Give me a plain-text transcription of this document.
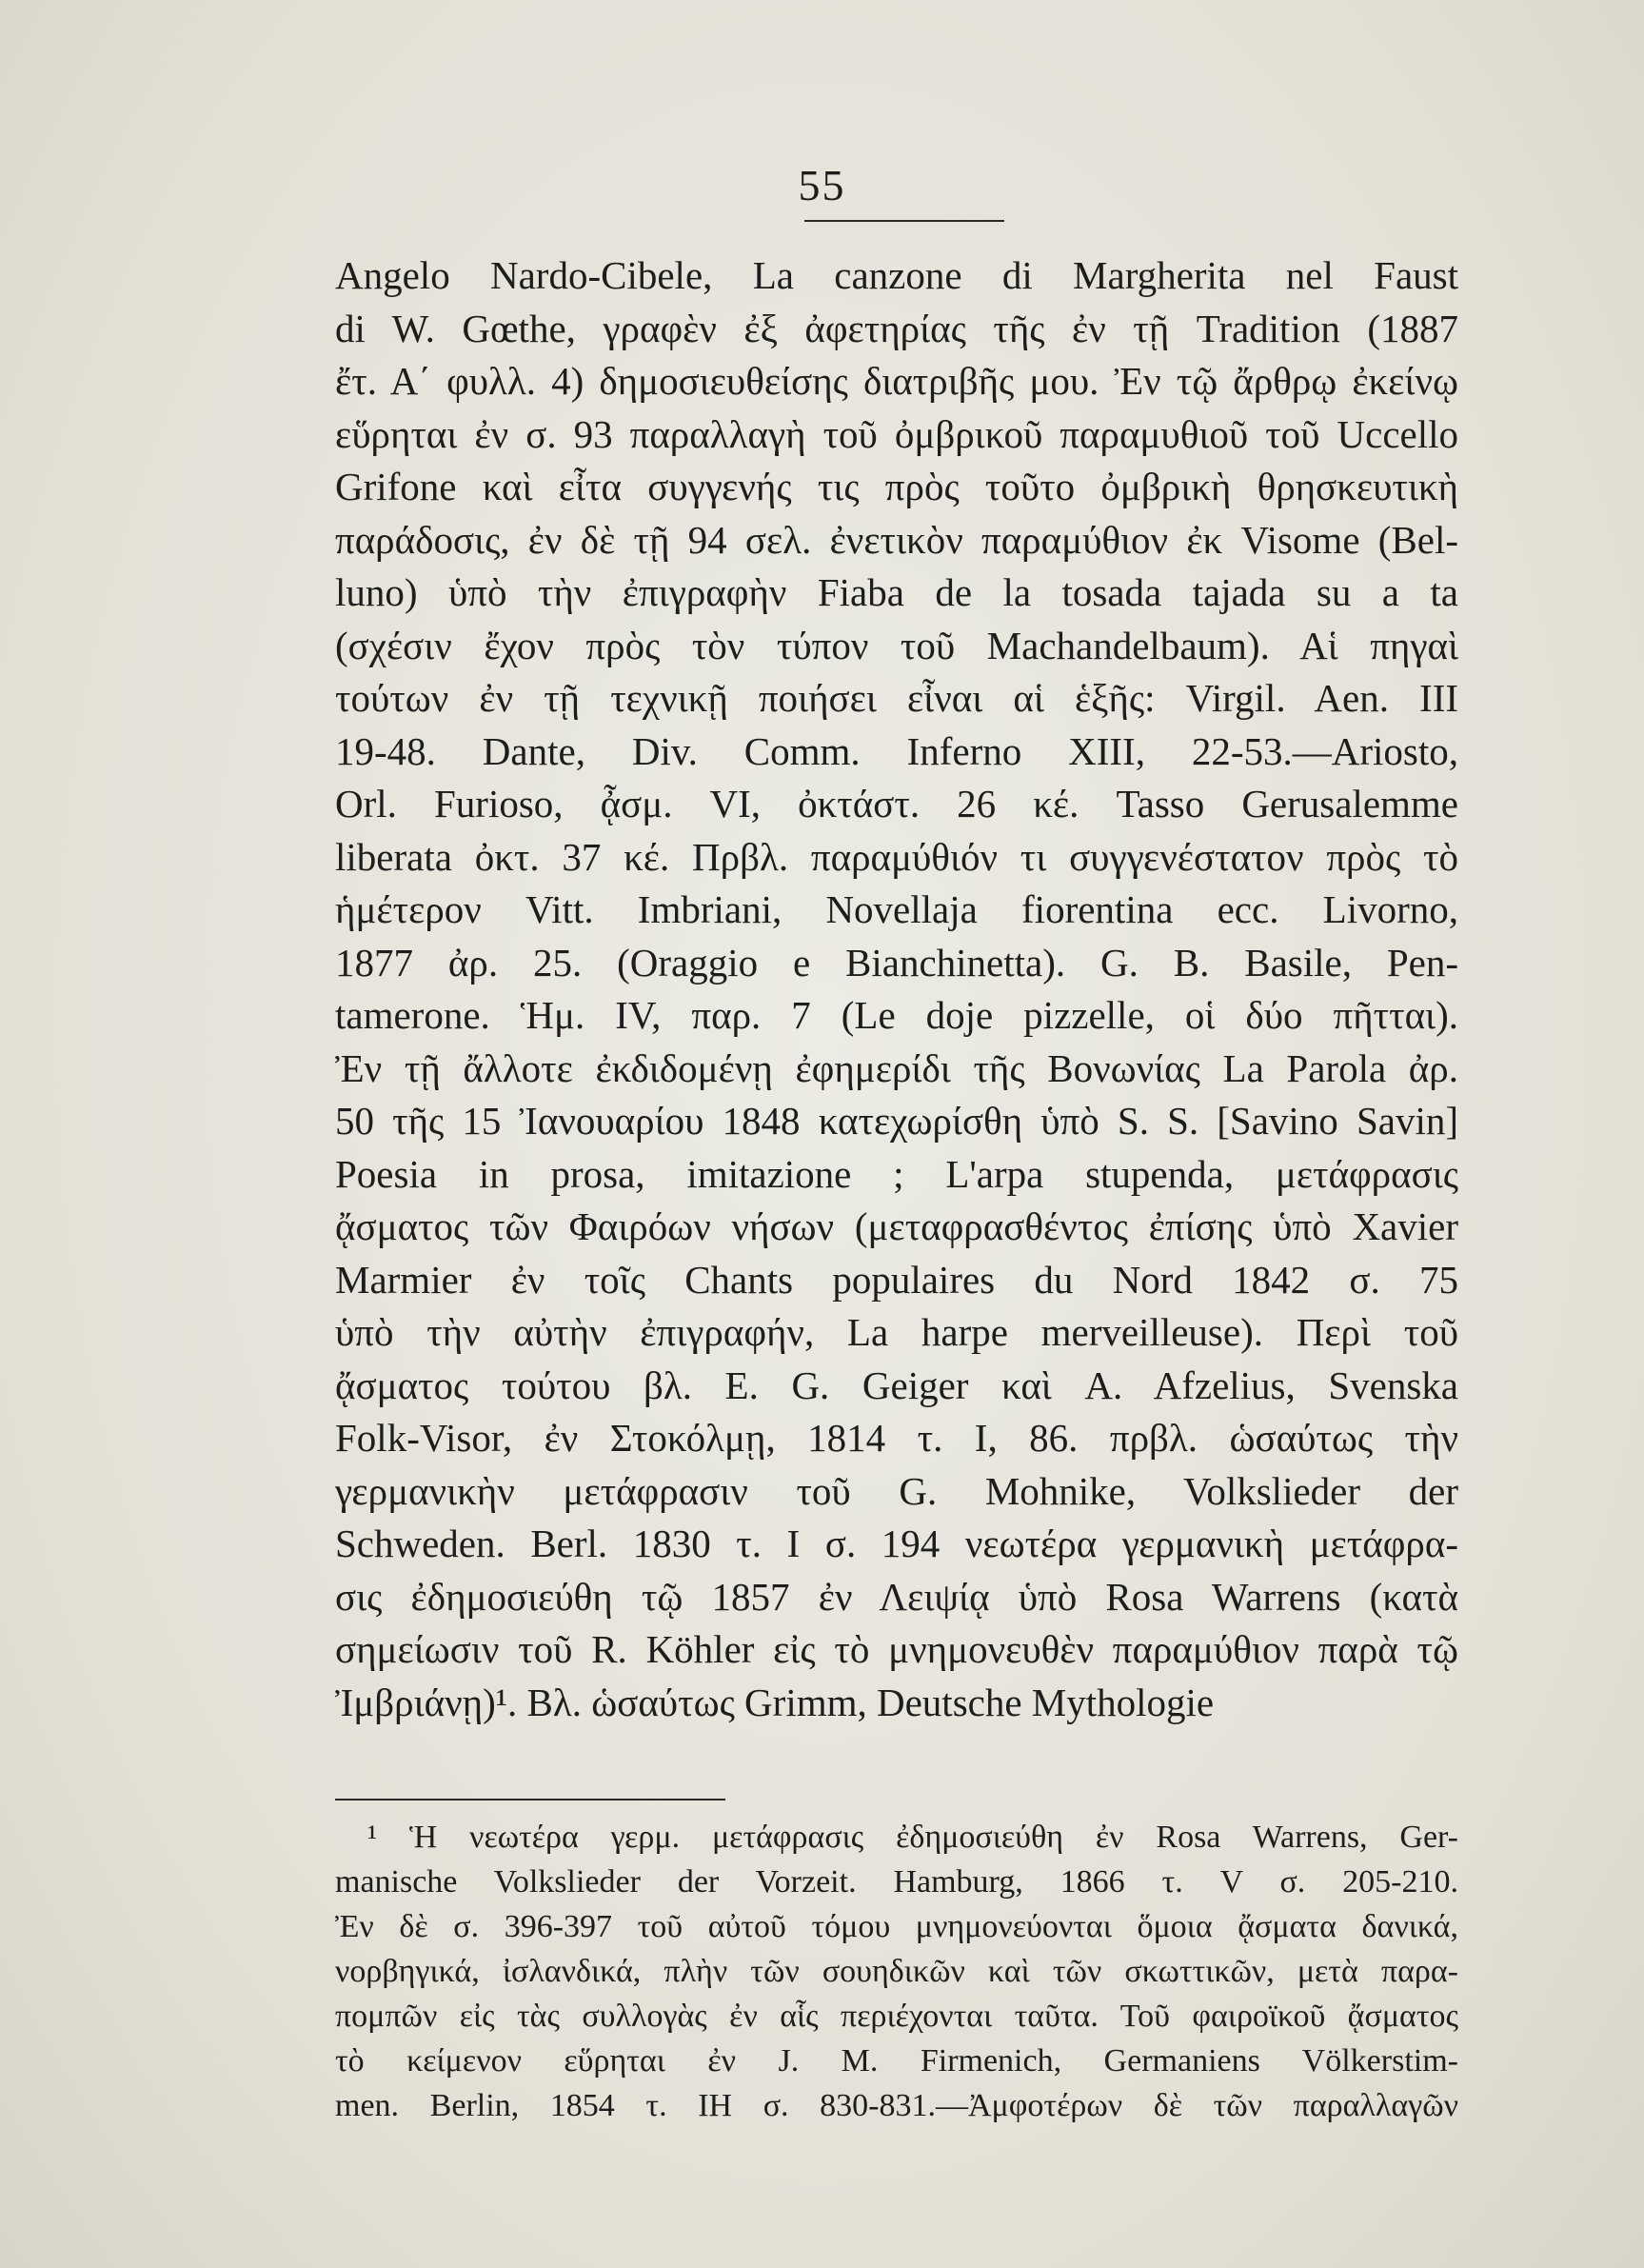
55
Angelo Nardo-Cibele, La canzone di Margherita nel Faust
di W. Gœthe, γραφὲν ἐξ ἀφετηρίας τῆς ἐν τῇ Tradition (1887
ἔτ. Α΄ φυλλ. 4) δημοσιευθείσης διατριβῆς μου. Ἐν τῷ ἄρθρῳ ἐκείνῳ
εὕρηται ἐν σ. 93 παραλλαγὴ τοῦ ὀμβρικοῦ παραμυθιοῦ τοῦ Uccello
Grifone καὶ εἶτα συγγενής τις πρὸς τοῦτο ὀμβρικὴ θρησκευτικὴ
παράδοσις, ἐν δὲ τῇ 94 σελ. ἐνετικὸν παραμύθιον ἐκ Visome (Bel-
luno) ὑπὸ τὴν ἐπιγραφὴν Fiaba de la tosada tajada su a ta
(σχέσιν ἔχον πρὸς τὸν τύπον τοῦ Machandelbaum). Αἱ πηγαὶ
τούτων ἐν τῇ τεχνικῇ ποιήσει εἶναι αἱ ἑξῆς: Virgil. Aen. III
19-48. Dante, Div. Comm. Inferno XIII, 22-53.—Ariosto,
Orl. Furioso, ᾆσμ. VI, ὀκτάστ. 26 κέ. Tasso Gerusalemme
liberata ὀκτ. 37 κέ. Πρβλ. παραμύθιόν τι συγγενέστατον πρὸς τὸ
ἡμέτερον Vitt. Imbriani, Novellaja fiorentina ecc. Livorno,
1877 ἀρ. 25. (Oraggio e Bianchinetta). G. B. Basile, Pen-
tamerone. Ἡμ. IV, παρ. 7 (Le doje pizzelle, οἱ δύο πῆτται).
Ἐν τῇ ἄλλοτε ἐκδιδομένῃ ἐφημερίδι τῆς Βονωνίας La Parola ἀρ.
50 τῆς 15 Ἰανουαρίου 1848 κατεχωρίσθη ὑπὸ S. S. [Savino Savin]
Poesia in prosa, imitazione ; L'arpa stupenda, μετάφρασις
ᾄσματος τῶν Φαιρόων νήσων (μεταφρασθέντος ἐπίσης ὑπὸ Xavier
Marmier ἐν τοῖς Chants populaires du Nord 1842 σ. 75
ὑπὸ τὴν αὐτὴν ἐπιγραφήν, La harpe merveilleuse). Περὶ τοῦ
ᾄσματος τούτου βλ. E. G. Geiger καὶ A. Afzelius, Svenska
Folk-Visor, ἐν Στοκόλμῃ, 1814 τ. I, 86. πρβλ. ὡσαύτως τὴν
γερμανικὴν μετάφρασιν τοῦ G. Mohnike, Volkslieder der
Schweden. Berl. 1830 τ. I σ. 194 νεωτέρα γερμανικὴ μετάφρα-
σις ἐδημοσιεύθη τῷ 1857 ἐν Λειψίᾳ ὑπὸ Rosa Warrens (κατὰ
σημείωσιν τοῦ R. Köhler εἰς τὸ μνημονευθὲν παραμύθιον παρὰ τῷ
Ἰμβριάνῃ)¹. Βλ. ὡσαύτως Grimm, Deutsche Mythologie
¹ Ἡ νεωτέρα γερμ. μετάφρασις ἐδημοσιεύθη ἐν Rosa Warrens, Ger-
manische Volkslieder der Vorzeit. Hamburg, 1866 τ. V σ. 205-210.
Ἐν δὲ σ. 396-397 τοῦ αὐτοῦ τόμου μνημονεύονται ὅμοια ᾄσματα δανικά,
νορβηγικά, ἰσλανδικά, πλὴν τῶν σουηδικῶν καὶ τῶν σκωττικῶν, μετὰ παρα-
πομπῶν εἰς τὰς συλλογὰς ἐν αἷς περιέχονται ταῦτα. Τοῦ φαιροϊκοῦ ᾄσματος
τὸ κείμενον εὕρηται ἐν J. M. Firmenich, Germaniens Völkerstim-
men. Berlin, 1854 τ. ΙΗ σ. 830-831.—Ἀμφοτέρων δὲ τῶν παραλλαγῶν
